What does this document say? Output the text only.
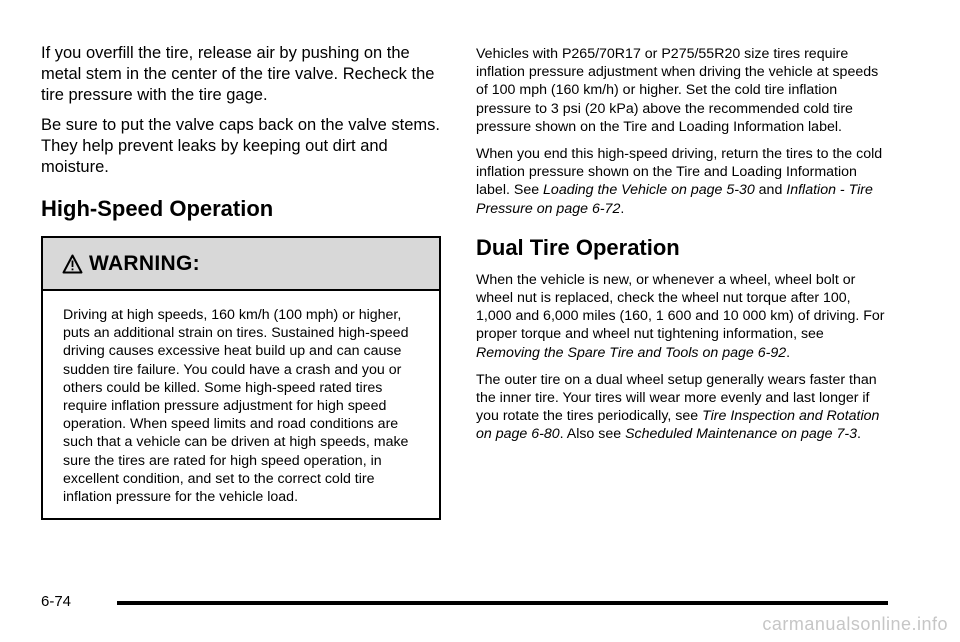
If you overfill the tire, release air by pushing on the metal stem in the center of the tire valve. Recheck the tire pressure with the tire gage.

Be sure to put the valve caps back on the valve stems. They help prevent leaks by keeping out dirt and moisture.

High-Speed Operation
WARNING:
Driving at high speeds, 160 km/h (100 mph) or higher, puts an additional strain on tires. Sustained high-speed driving causes excessive heat build up and can cause sudden tire failure. You could have a crash and you or others could be killed. Some high-speed rated tires require inflation pressure adjustment for high speed operation. When speed limits and road conditions are such that a vehicle can be driven at high speeds, make sure the tires are rated for high speed operation, in excellent condition, and set to the correct cold tire inflation pressure for the vehicle load.

Vehicles with P265/70R17 or P275/55R20 size tires require inflation pressure adjustment when driving the vehicle at speeds of 100 mph (160 km/h) or higher. Set the cold tire inflation pressure to 3 psi (20 kPa) above the recommended cold tire pressure shown on the Tire and Loading Information label.

When you end this high-speed driving, return the tires to the cold inflation pressure shown on the Tire and Loading Information label. See Loading the Vehicle on page 5-30 and Inflation - Tire Pressure on page 6-72.

Dual Tire Operation

When the vehicle is new, or whenever a wheel, wheel bolt or wheel nut is replaced, check the wheel nut torque after 100, 1,000 and 6,000 miles (160, 1 600 and 10 000 km) of driving. For proper torque and wheel nut tightening information, see Removing the Spare Tire and Tools on page 6-92.

The outer tire on a dual wheel setup generally wears faster than the inner tire. Your tires will wear more evenly and last longer if you rotate the tires periodically, see Tire Inspection and Rotation on page 6-80. Also see Scheduled Maintenance on page 7-3.

6-74
carmanualsonline.info
